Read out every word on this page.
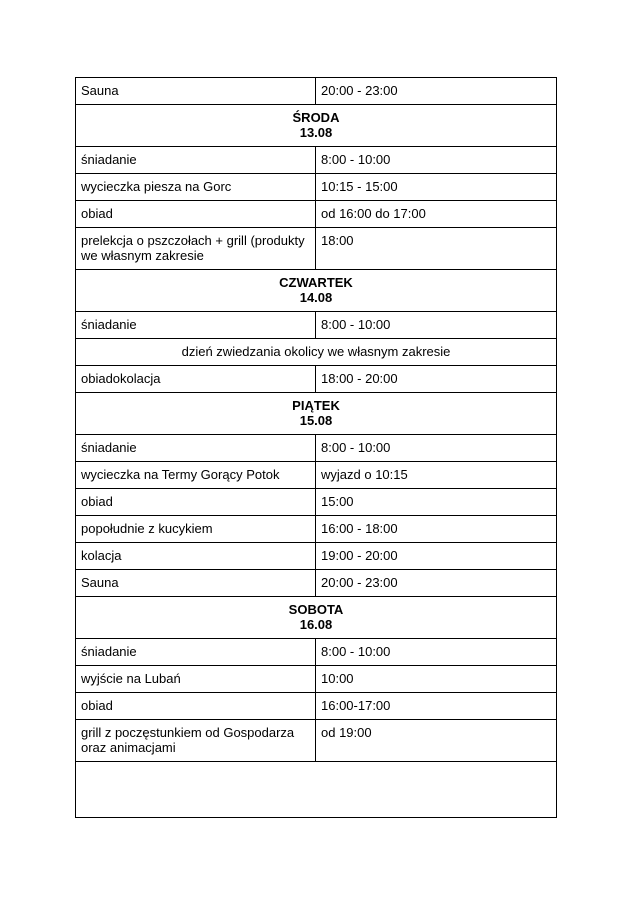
Sauna	20:00 - 23:00

ŚRODA
13.08	

śniadanie	8:00 - 10:00
wycieczka piesza na Gorc	10:15 - 15:00
obiad	od 16:00 do 17:00
prelekcja o pszczołach + grill (produkty we własnym zakresie	18:00

CZWARTEK
14.08	

śniadanie	8:00 - 10:00
dzień zwiedzania okolicy we własnym zakresie	
obiadokolacja	18:00 - 20:00

PIĄTEK
15.08	

śniadanie	8:00 - 10:00
wycieczka na Termy Gorący Potok	wyjazd o 10:15
obiad	15:00
popołudnie z kucykiem	16:00 - 18:00
kolacja	19:00 - 20:00
Sauna	20:00 - 23:00

SOBOTA
16.08	

śniadanie	8:00 - 10:00
wyjście na Lubań	10:00
obiad	16:00-17:00
grill z poczęstunkiem od Gospodarza oraz animacjami	od 19:00
